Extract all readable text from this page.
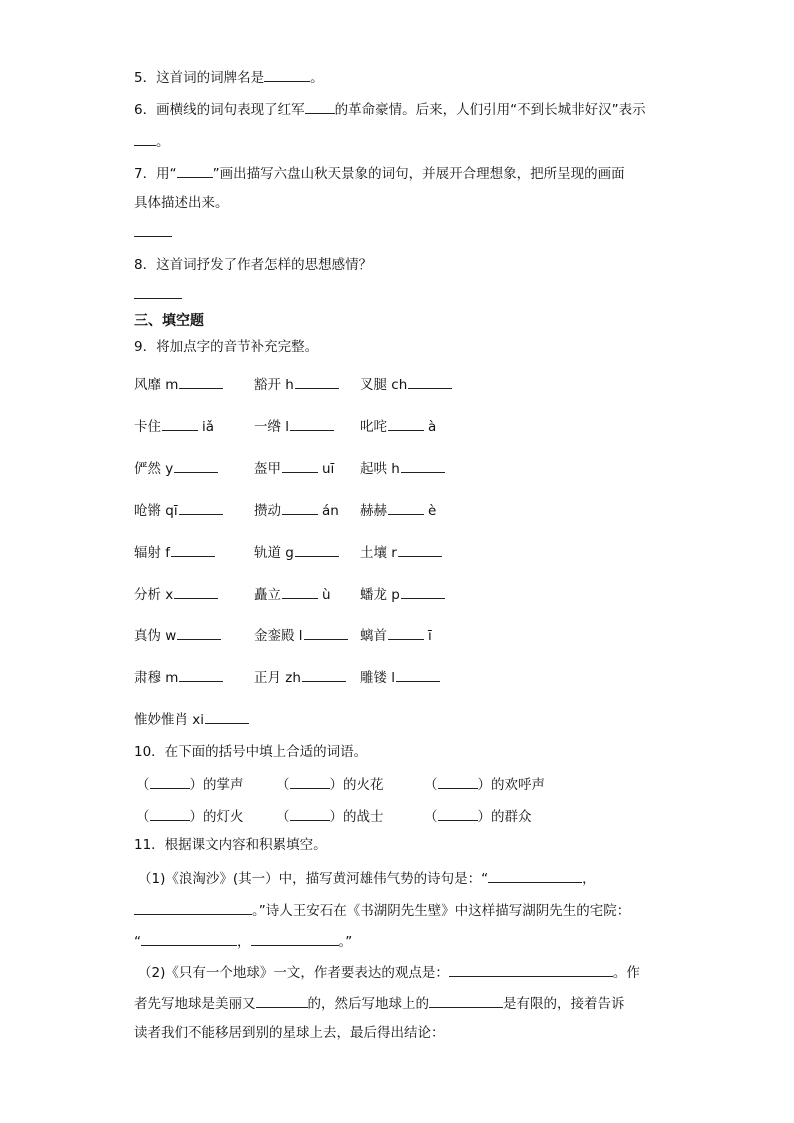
5．这首词的词牌名是	。
6．画横线的词句表现了红军 的革命豪情。后来，人们引用“不到长城非好汉”表示
。
7．用“	”画出描写六盘山秋天景象的词句，并展开合理想象，把所呈现的画面
具体描述出来。
8．这首词抒发了作者怎样的思想感情？
三、填空题
9．将加点字的音节补充完整。
风靡 m	豁开 h	叉腿 ch
卡住	iǎ	一绺 l	叱咤	à
俨然 y	盔甲	uī 起哄 h
呛锵 qī	攒动	án 赫赫	è
辐射 f	轨道 g	土壤 r
分析 x	矗立	ù 蟠龙 p
真伪 w	金銮殿 l	螭首	ī
肃穆 m	正月 zh	雕镂 l
惟妙惟肖 xi
10．在下面的括号中填上合适的词语。
（	）的掌声 （	）的火花	（	）的欢呼声
（	）的灯火 （	）的战士	（	）的群众
11．根据课文内容和积累填空。
（1)《浪淘沙》(其一）中，描写黄河雄伟气势的诗句是：“	，
。”诗人王安石在《书湖阴先生壁》中这样描写湖阴先生的宅院：
“	，	。”
（2)《只有一个地球》一文，作者要表达的观点是：	。作
者先写地球是美丽又	的，然后写地球上的	是有限的，接着告诉
读者我们不能移居到别的星球上去，最后得出结论：
